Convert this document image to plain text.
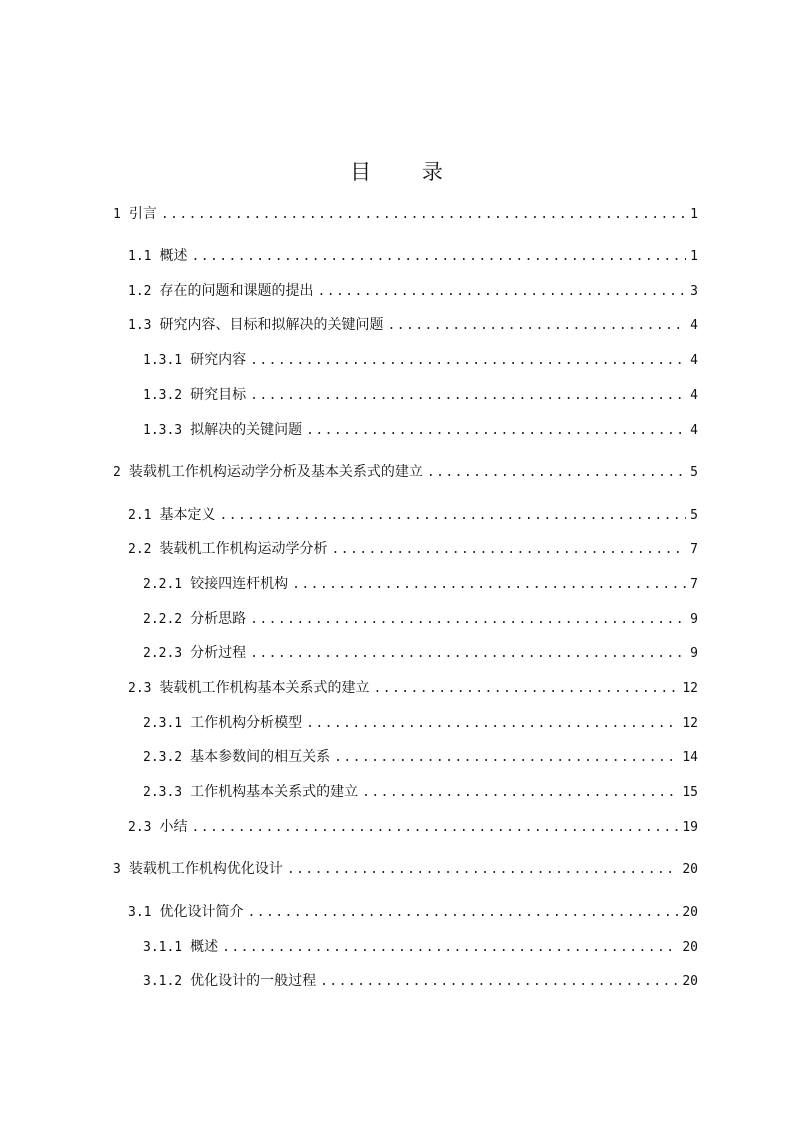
目 录
1 引言 . . .	1
1.1 概述 . . .	1
1.2 存在的问题和课题的提出 . . .	3
1.3 研究内容、目标和拟解决的关键问题 . . .	4
1.3.1 研究内容 . . .	4
1.3.2 研究目标 . . .	4
1.3.3 拟解决的关键问题 . . .	4
2 装载机工作机构运动学分析及基本关系式的建立 . . .	5
2.1 基本定义 . . .	5
2.2 装载机工作机构运动学分析 . . .	7
2.2.1 铰接四连杆机构 . . .	7
2.2.2 分析思路 . . .	9
2.2.3 分析过程 . . .	9
2.3 装载机工作机构基本关系式的建立 . . .	12
2.3.1 工作机构分析模型 . . .	12
2.3.2 基本参数间的相互关系 . . .	14
2.3.3 工作机构基本关系式的建立 . . .	15
2.3 小结 . . .	19
3 装载机工作机构优化设计 . . .	20
3.1 优化设计简介 . . .	20
3.1.1 概述 . . .	20
3.1.2 优化设计的一般过程 . . .	20
